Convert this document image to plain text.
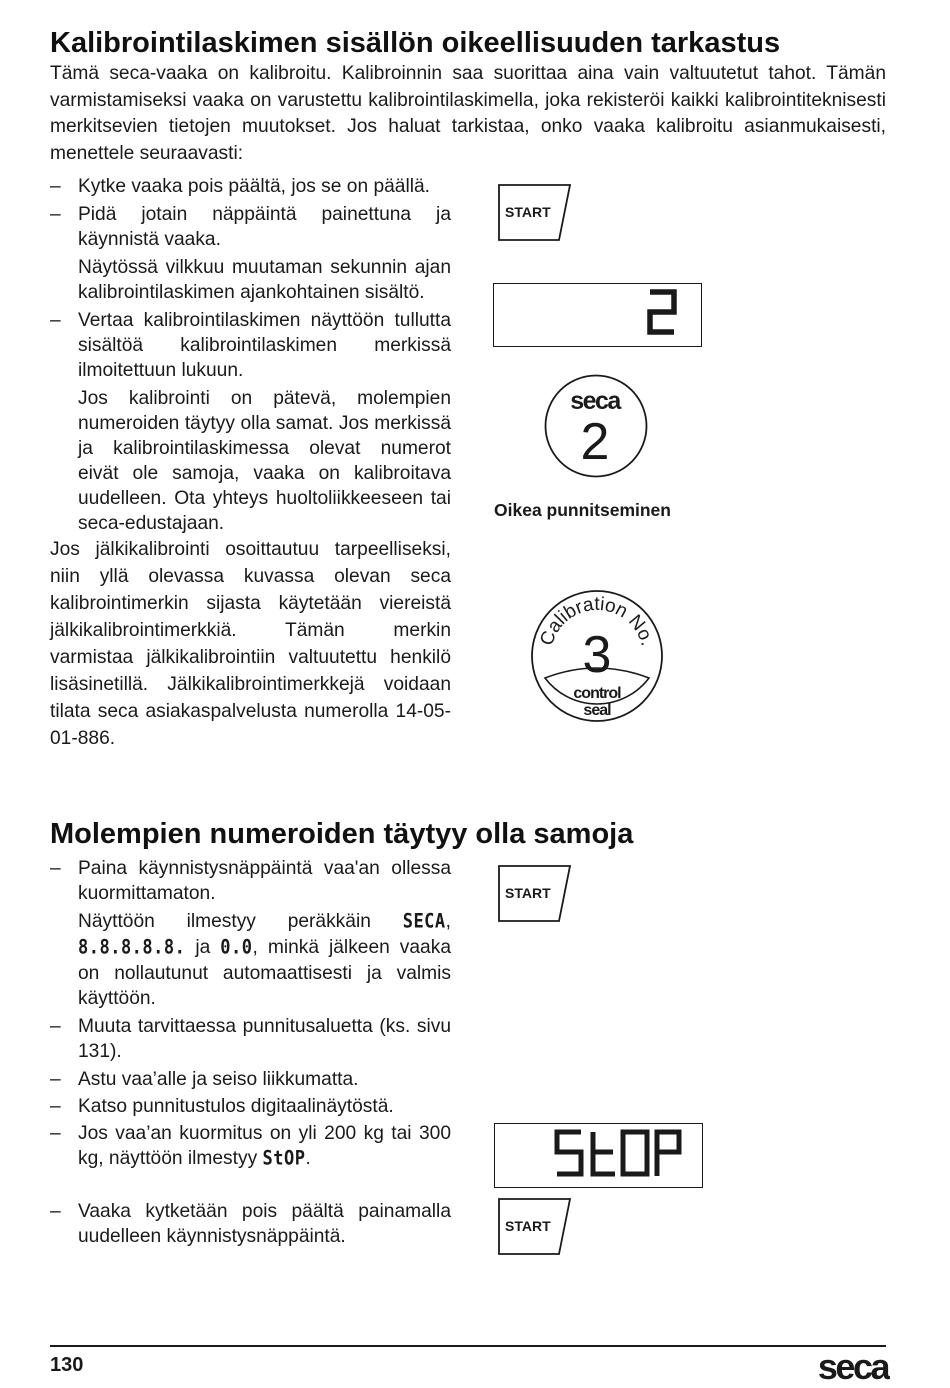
Kalibrointilaskimen sisällön oikeellisuuden tarkastus

Tämä seca-vaaka on kalibroitu. Kalibroinnin saa suorittaa aina vain valtuutetut tahot. Tämän varmistamiseksi vaaka on varustettu kalibrointilaskimella, joka rekisteröi kaikki kalibrointiteknisesti merkitsevien tietojen muutokset. Jos haluat tarkistaa, onko vaaka kalibroitu asianmukaisesti, menettele seuraavasti:

– Kytke vaaka pois päältä, jos se on päällä.
– Pidä jotain näppäintä painettuna ja käynnistä vaaka.
Näytössä vilkkuu muutaman sekunnin ajan kalibrointilaskimen ajankohtainen sisältö.
– Vertaa kalibrointilaskimen näyttöön tullutta sisältöä kalibrointilaskimen merkissä ilmoitettuun lukuun.
Jos kalibrointi on pätevä, molempien numeroiden täytyy olla samat. Jos merkissä ja kalibrointilaskimessa olevat numerot eivät ole samoja, vaaka on kalibroitava uudelleen. Ota yhteys huoltoliikkeeseen tai seca-edustajaan.
Jos jälkikalibrointi osoittautuu tarpeelliseksi, niin yllä olevassa kuvassa olevan seca kalibrointimerkin sijasta käytetään viereistä jälkikalibrointimerkkiä. Tämän merkin varmistaa jälkikalibrointiin valtuutettu henkilö lisäsinetillä. Jälkikalibrointimerkkejä voidaan tilata seca asiakaspalvelusta numerolla 14-05-01-886.
START
seca
2
Oikea punnitseminen
Calibration No.
3
control
seal
Molempien numeroiden täytyy olla samoja
– Paina käynnistysnäppäintä vaa'an ollessa kuormittamaton.
Näyttöön ilmestyy peräkkäin SECA, 8.8.8.8.8. ja 0.0, minkä jälkeen vaaka on nollautunut automaattisesti ja valmis käyttöön.
– Muuta tarvittaessa punnitusaluetta (ks. sivu 131).
– Astu vaa’alle ja seiso liikkumatta.
– Katso punnitustulos digitaalinäytöstä.
– Jos vaa’an kuormitus on yli 200 kg tai 300 kg, näyttöön ilmestyy StOP.
– Vaaka kytketään pois päältä painamalla uudelleen käynnistysnäppäintä.
START
START
130	seca
